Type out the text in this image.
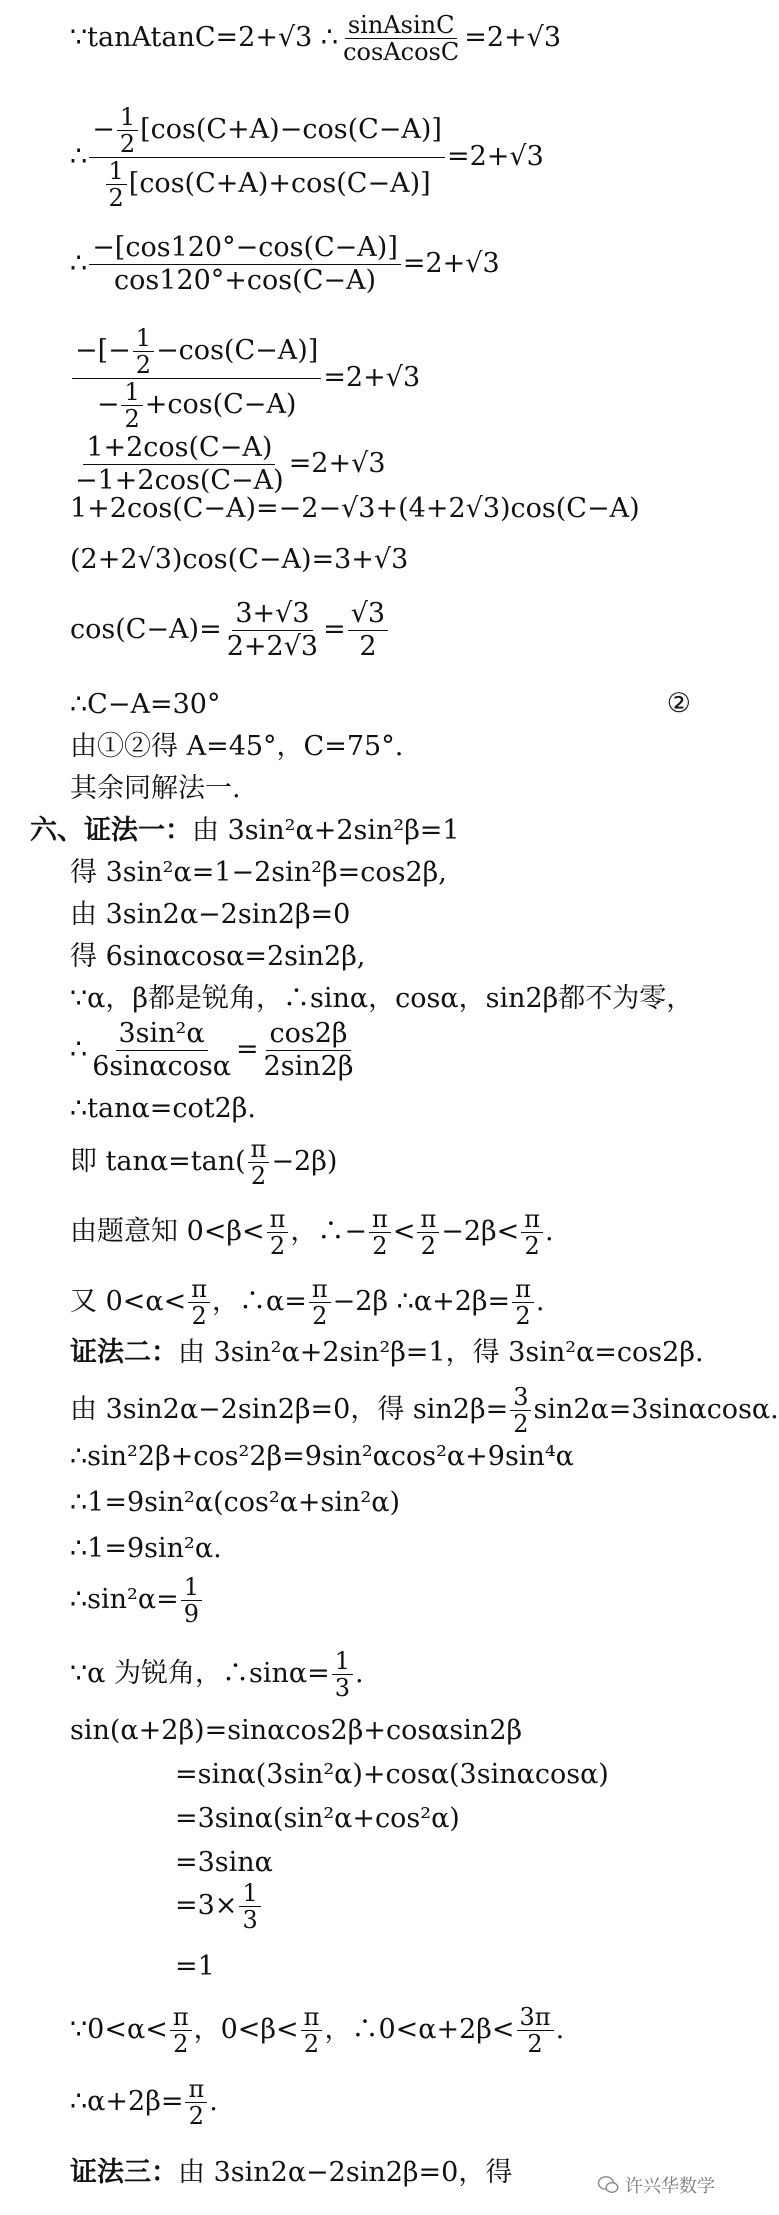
∵tanAtanC=2+√3 ∴ $\frac{\text{sinAsinC}}{\text{cosAcosC}} =2+√3$
∴ $\frac{- \frac{1}{2} [\cos(C+A)-\cos(C-A)]}{\frac{1}{2} [\cos(C+A)+\cos(C-A)]} =2+√3$
∴ $\frac{-[\cos 120^\circ-\cos(C-A)]}{\cos 120^\circ+\cos(C-A)} =2+√3$
$\frac{-[- \frac{1}{2} -\cos(C-A)]}{- \frac{1}{2} +\cos(C-A)} =2+√3$
$\frac{1+2\cos(C-A)}{-1+2\cos(C-A)} =2+√3$
1+2cos(C−A)=−2−√3+(4+2√3)cos(C−A)
(2+2√3)cos(C−A)=3+√3
$\cos(C-A)= \frac{3+√3}{2+2√3} = \frac{√3}{2}$
∴C−A=30°	②
由①②得 A=45°，C=75°.
其余同解法一.
六、证法一：由 3sin²α+2sin²β=1
得 3sin²α=1−2sin²β=cos2β,
由 3sin2α−2sin2β=0
得 6sinαcosα=2sin2β,
∵α，β都是锐角，∴sinα，cosα，sin2β都不为零，
∴ $\frac{\text{3sin²α}}{6\sin\alpha\cos\alpha} = \frac{\cos 2\beta}{2\sin 2\beta}$
∴tanα=cot2β.
即 $\tan\alpha=\tan( \frac{\pi}{2} -2\beta)$
由题意知 $0<\beta< \frac{\pi}{2}$ ，∴− $\frac{\pi}{2} < \frac{\pi}{2} -2\beta< \frac{\pi}{2}$ .
又 $0<\alpha< \frac{\pi}{2}$ ，∴α= $\frac{\pi}{2} -2\beta$ ∴α+2β= $\frac{\pi}{2}$ .
证法二：由 3sin²α+2sin²β=1，得 3sin²α=cos2β.
由 3sin2α−2sin2β=0，得 $\sin 2\beta= \frac{3}{2} \sin 2\alpha=3\sin\alpha\cos\alpha$.
∴sin²2β+cos²2β=9sin²αcos²α+9sin⁴α
∴1=9sin²α(cos²α+sin²α)
∴1=9sin²α.
∴sin²α= $\frac{1}{9}$
∵α 为锐角，∴sinα= $\frac{1}{3}$ .
sin(α+2β)=sinαcos2β+cosαsin2β
=sinα(3sin²α)+cosα(3sinαcosα)
=3sinα(sin²α+cos²α)
=3sinα
$=3\times \frac{1}{3}$
=1
∵0<α< $\frac{\pi}{2}$ ，$0<\beta< \frac{\pi}{2}$ ，∴0<α+2β< $\frac{3\pi}{2}$ .
∴α+2β= $\frac{\pi}{2}$ .
证法三：由 3sin2α−2sin2β=0，得	许兴华数学
